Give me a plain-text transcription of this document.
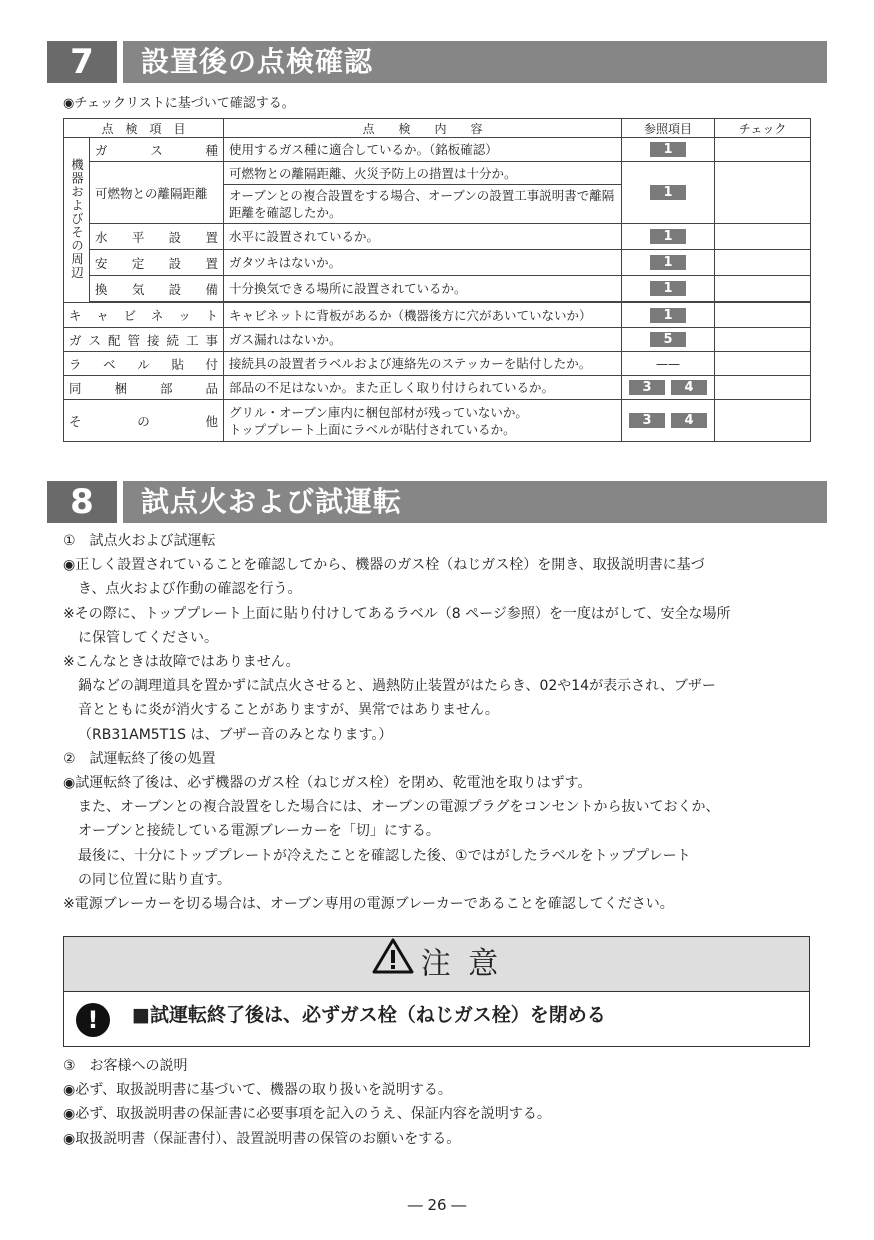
7	設置後の点検確認
◉チェックリストに基づいて確認する。
点　検　項　目		点　　検　　内　　容	参照項目	チェック
機器およびその周辺	ガス種	使用するガス種に適合しているか。（銘板確認）	1	
	可燃物との離隔距離	可燃物との離隔距離、火災予防上の措置は十分か。
オーブンとの複合設置をする場合、オーブンの設置工事説明書で離隔距離を確認したか。	1	
	水平設置	水平に設置されているか。	1	
	安定設置	ガタツキはないか。	1	
	換気設備	十分換気できる場所に設置されているか。	1	

キャビネット		キャビネットに背板があるか（機器後方に穴があいていないか）	1	
ガス配管接続工事		ガス漏れはないか。	5	
ラベル貼付		接続具の設置者ラベルおよび連絡先のステッカーを貼付したか。	——	
同梱部品		部品の不足はないか。また正しく取り付けられているか。	3 4	
その他		グリル・オーブン庫内に梱包部材が残っていないか。
トッププレート上面にラベルが貼付されているか。	3 4	
8	試点火および試運転

①　試点火および試運転

◉正しく設置されていることを確認してから、機器のガス栓（ねじガス栓）を開き、取扱説明書に基づ

き、点火および作動の確認を行う。

※その際に、トッププレート上面に貼り付けしてあるラベル（8 ページ参照）を一度はがして、安全な場所

に保管してください。

※こんなときは故障ではありません。

鍋などの調理道具を置かずに試点火させると、過熱防止装置がはたらき、02や14が表示され、ブザー

音とともに炎が消火することがありますが、異常ではありません。

（RB31AM5T1S は、ブザー音のみとなります。）

②　試運転終了後の処置

◉試運転終了後は、必ず機器のガス栓（ねじガス栓）を閉め、乾電池を取りはずす。

また、オーブンとの複合設置をした場合には、オーブンの電源プラグをコンセントから抜いておくか、

オーブンと接続している電源ブレーカーを「切」にする。

最後に、十分にトッププレートが冷えたことを確認した後、①ではがしたラベルをトッププレート

の同じ位置に貼り直す。

※電源ブレーカーを切る場合は、オーブン専用の電源ブレーカーであることを確認してください。

注 意
!	■試運転終了後は、必ずガス栓（ねじガス栓）を閉める

③　お客様への説明

◉必ず、取扱説明書に基づいて、機器の取り扱いを説明する。

◉必ず、取扱説明書の保証書に必要事項を記入のうえ、保証内容を説明する。

◉取扱説明書（保証書付）、設置説明書の保管のお願いをする。

― 26 ―
